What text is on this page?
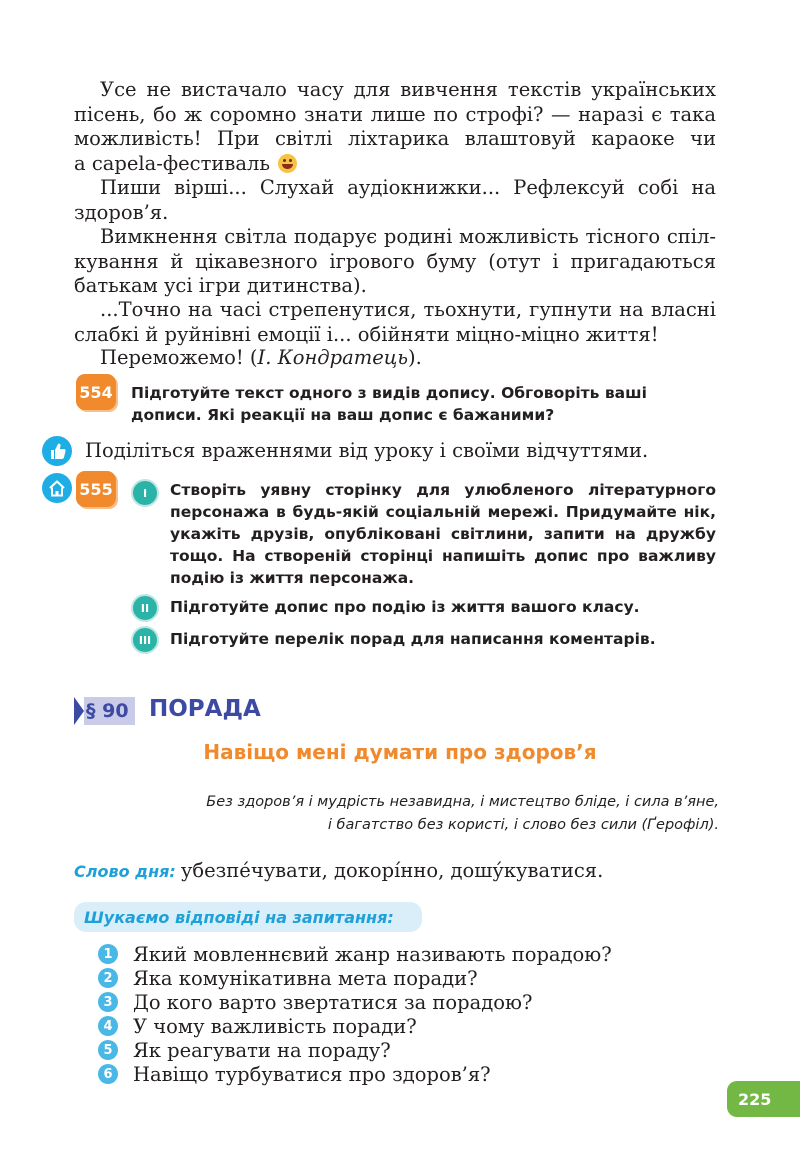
Усе не вистачало часу для вивчення текстів українських
пісень, бо ж соромно знати лише по строфі? — наразі є така
можливість! При світлі ліхтарика влаштовуй караоке чи
а capela-фестиваль
Пиши вірші... Слухай аудіокнижки... Рефлексуй собі на
здоров’я.
Вимкнення світла подарує родині можливість тісного спіл-
кування й цікавезного ігрового буму (отут і пригадаються
батькам усі ігри дитинства).
...Точно на часі стрепенутися, тьохнути, гупнути на власні
слабкі й руйнівні емоції і... обійняти міцно-міцно життя!
Переможемо! (І. Кондратець).
554 Підготуйте текст одного з видів допису. Обговоріть ваші дописи. Які реакції на ваш допис є бажаними?
Поділіться враженнями від уроку і своїми відчуттями.
555	I Створіть уявну сторінку для улюбленого літературного персонажа в будь-якій соціальній мережі. Придумайте нік, укажіть друзів, опубліковані світлини, запити на дружбу тощо. На створеній сторінці напишіть допис про важливу подію із життя персонажа.
II Підготуйте допис про подію із життя вашого класу.
III Підготуйте перелік порад для написання коментарів.
§ 90 ПОРАДА
Навіщо мені думати про здоров’я
Без здоров’я і мудрість незавидна, і мистецтво бліде, і сила в’яне,
і багатство без користі, і слово без сили (Ґерофіл).
Слово дня: убезпе́чувати, докорі́нно, дошу́куватися.
Шукаємо відповіді на запитання:
1 Який мовленнєвий жанр називають порадою?
2 Яка комунікативна мета поради?
3 До кого варто звертатися за порадою?
4 У чому важливість поради?
5 Як реагувати на пораду?
6 Навіщо турбуватися про здоров’я?
225
